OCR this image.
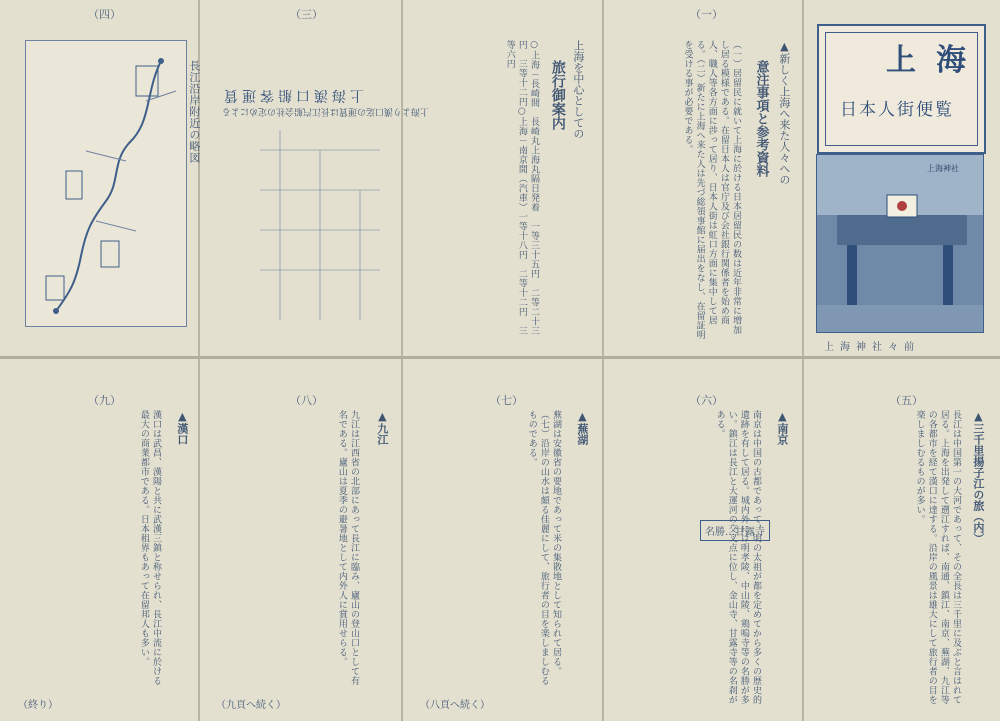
（四）	（三）	（一）
（九）	（八）	（七）	（六）	（五）
長江沿岸附近の略図 上海漢口船客運賃
上海より漢口迄の運賃は長江汽船会社の定めによる	上海を中心としての
旅行御案内
○上海－長崎間　長崎丸上海丸隔日発着　一等三十五円　二等二十三円　三等十二円○上海－南京間（汽車）一等十八円　二等十二円　三等六円	▲新しく上海へ来た人々への
意注事項と参考資料
（一）居留民に就いて上海に於ける日本居留民の数は近年非常に増加し居る模様である。在留日本人は官庁及び会社銀行関係者を始め商人、職人等各方面に渉って居り、日本人街は虹口方面に集中して居る。（二）新たに上海へ来た人は先づ総領事館に届出をなし、在留証明を受ける事が必要である。	上海
日本人街便覧
上海神社
上海神社々前
▲三千里揚子江の旅（内）
長江は中国第一の大河であって、その全長は三千里に及ぶと言はれて居る。上海を出発して遡江すれば、南通、鎮江、南京、蕪湖、九江等の各都市を経て漢口に達する。沿岸の風景は雄大にして旅行者の目を楽しましむるものが多い。
▲南京
名勝…甘露寺
南京は中国の古都であって、明の太祖が都を定めてから多くの歴史的遺跡を有して居る。城内外には明孝陵、中山陵、鶏鳴寺等の名勝が多い。鎮江は長江と大運河の交叉点に位し、金山寺、甘露寺等の名刹がある。
▲蕪湖
蕪湖は安徽省の要地であって米の集散地として知られて居る。（七）沿岸の山水は頗る佳麗にして、旅行者の目を楽しましむるものである。
（八頁へ続く）
▲九江
九江は江西省の北部にあって長江に臨み、廬山の登山口として有名である。廬山は夏季の避暑地として内外人に賞用せらる。
（九頁へ続く）
▲漢口
漢口は武昌、漢陽と共に武漢三鎮と称せられ、長江中流に於ける最大の商業都市である。日本租界もあって在留邦人も多い。
（終り）
